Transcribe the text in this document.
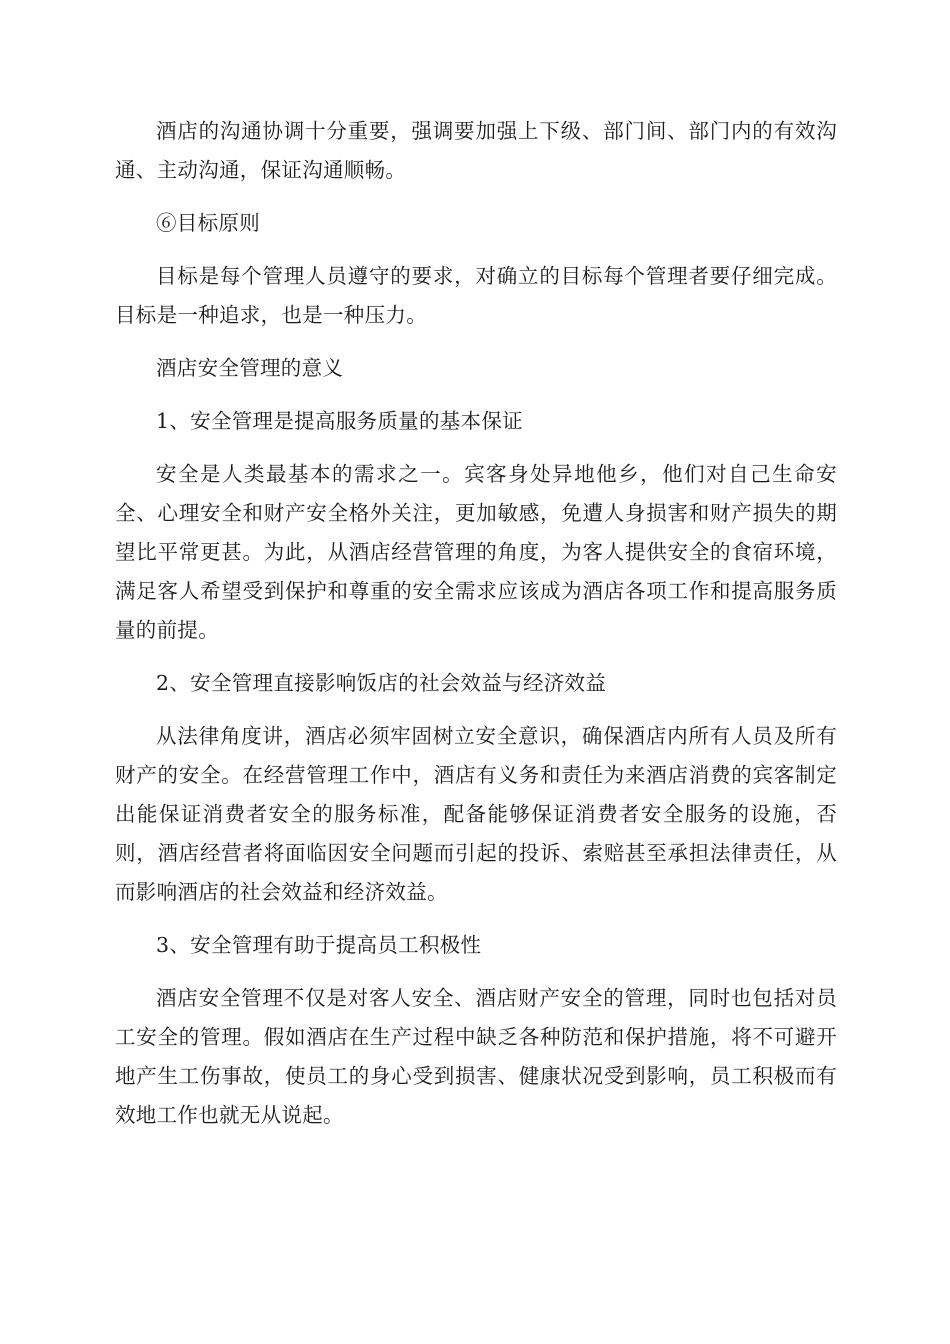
酒店的沟通协调十分重要，强调要加强上下级、部门间、部门内的有效沟通、主动沟通，保证沟通顺畅。

⑥目标原则

目标是每个管理人员遵守的要求，对确立的目标每个管理者要仔细完成。目标是一种追求，也是一种压力。

酒店安全管理的意义

1、安全管理是提高服务质量的基本保证

安全是人类最基本的需求之一。宾客身处异地他乡，他们对自己生命安全、心理安全和财产安全格外关注，更加敏感，免遭人身损害和财产损失的期望比平常更甚。为此，从酒店经营管理的角度，为客人提供安全的食宿环境，满足客人希望受到保护和尊重的安全需求应该成为酒店各项工作和提高服务质量的前提。

2、安全管理直接影响饭店的社会效益与经济效益

从法律角度讲，酒店必须牢固树立安全意识，确保酒店内所有人员及所有财产的安全。在经营管理工作中，酒店有义务和责任为来酒店消费的宾客制定出能保证消费者安全的服务标准，配备能够保证消费者安全服务的设施，否则，酒店经营者将面临因安全问题而引起的投诉、索赔甚至承担法律责任，从而影响酒店的社会效益和经济效益。

3、安全管理有助于提高员工积极性

酒店安全管理不仅是对客人安全、酒店财产安全的管理，同时也包括对员工安全的管理。假如酒店在生产过程中缺乏各种防范和保护措施，将不可避开地产生工伤事故，使员工的身心受到损害、健康状况受到影响，员工积极而有效地工作也就无从说起。
